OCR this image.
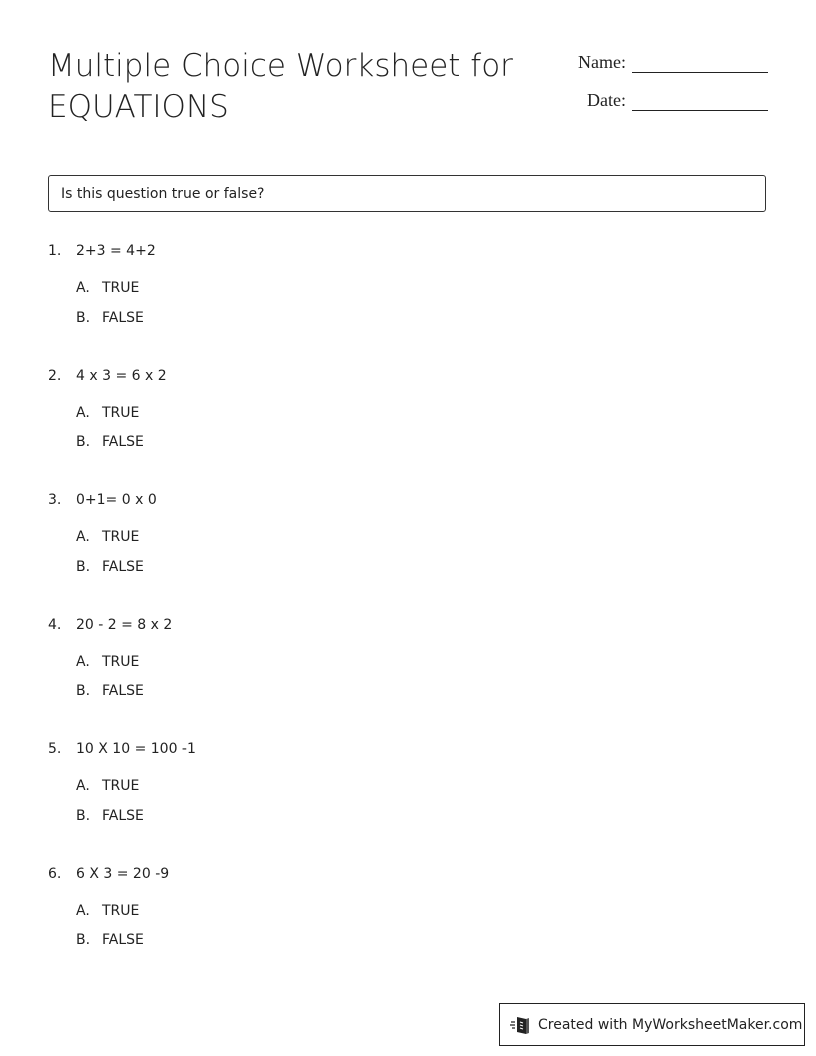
Multiple Choice Worksheet for
EQUATIONS
Name:
Date:
Is this question true or false?
1.	2+3 = 4+2
A. TRUE
B. FALSE
2.	4 x 3 = 6 x 2
A. TRUE
B. FALSE
3.	0+1= 0 x 0
A. TRUE
B. FALSE
4.	20 - 2 = 8 x 2
A. TRUE
B. FALSE
5.	10 X 10 = 100 -1
A. TRUE
B. FALSE
6.	6 X 3 = 20 -9
A. TRUE
B. FALSE
Created with MyWorksheetMaker.com
